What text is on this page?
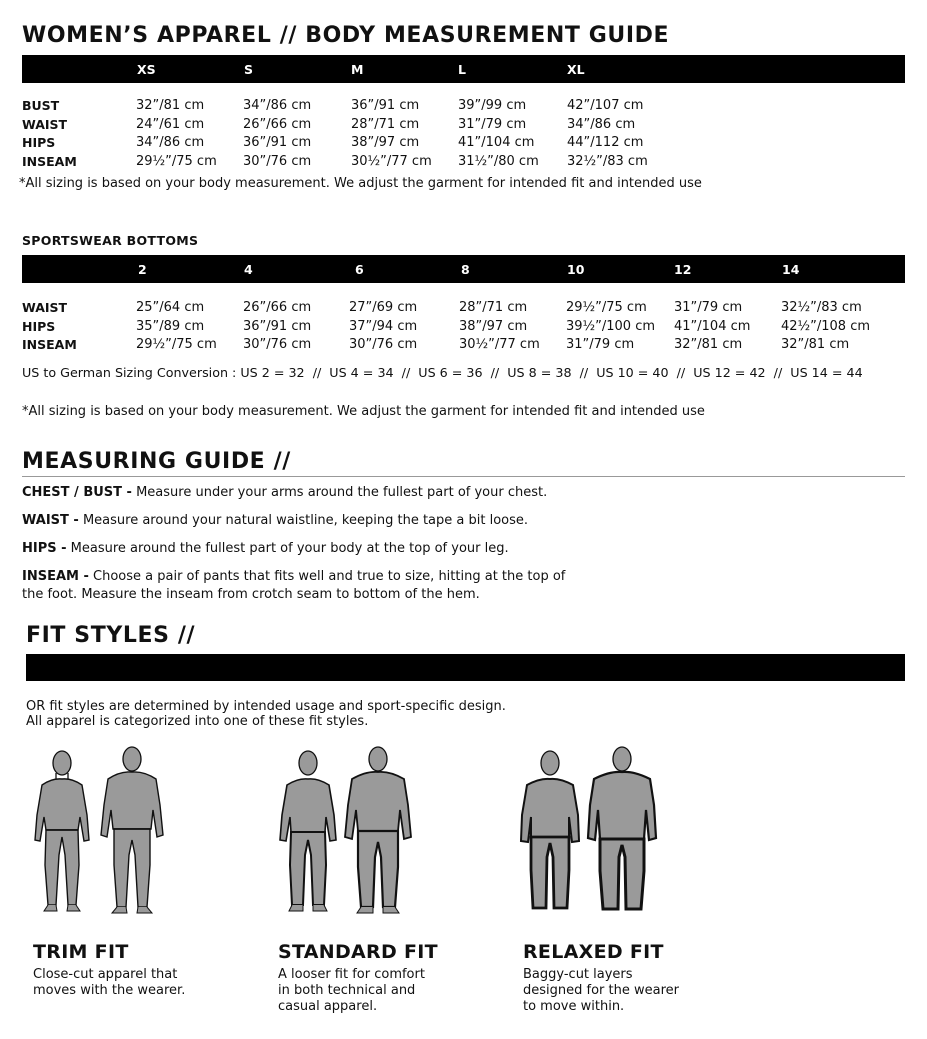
WOMEN’S APPAREL // BODY MEASUREMENT GUIDE
XS	S	M	L	XL
BUST	32”/81 cm	34”/86 cm	36”/91 cm	39”/99 cm	42”/107 cm
WAIST	24”/61 cm	26”/66 cm	28”/71 cm	31”/79 cm	34”/86 cm
HIPS	34”/86 cm	36”/91 cm	38”/97 cm	41”/104 cm	44”/112 cm
INSEAM	29½”/75 cm 30”/76 cm	30½”/77 cm 31½”/80 cm 32½”/83 cm
*All sizing is based on your body measurement. We adjust the garment for intended fit and intended use
SPORTSWEAR BOTTOMS
2	4	6	8	10	12	14
WAIST	25”/64 cm	26”/66 cm	27”/69 cm	28”/71 cm	29½”/75 cm 31”/79 cm	32½”/83 cm
HIPS	35”/89 cm	36”/91 cm	37”/94 cm	38”/97 cm	39½”/100 cm 41”/104 cm 42½”/108 cm
INSEAM	29½”/75 cm 30”/76 cm	30”/76 cm	30½”/77 cm 31”/79 cm	32”/81 cm	32”/81 cm
US to German Sizing Conversion : US 2 = 32  //  US 4 = 34  //  US 6 = 36  //  US 8 = 38  //  US 10 = 40  //  US 12 = 42  //  US 14 = 44
*All sizing is based on your body measurement. We adjust the garment for intended fit and intended use
MEASURING GUIDE //
CHEST / BUST - Measure under your arms around the fullest part of your chest.
WAIST - Measure around your natural waistline, keeping the tape a bit loose.
HIPS - Measure around the fullest part of your body at the top of your leg.
INSEAM - Choose a pair of pants that fits well and true to size, hitting at the top of
the foot. Measure the inseam from crotch seam to bottom of the hem.
FIT STYLES //
OR fit styles are determined by intended usage and sport-specific design.
All apparel is categorized into one of these fit styles.
TRIM FIT
Close-cut apparel that moves with the wearer.
STANDARD FIT
A looser fit for comfort in both technical and casual apparel.
RELAXED FIT
Baggy-cut layers designed for the wearer to move within.
